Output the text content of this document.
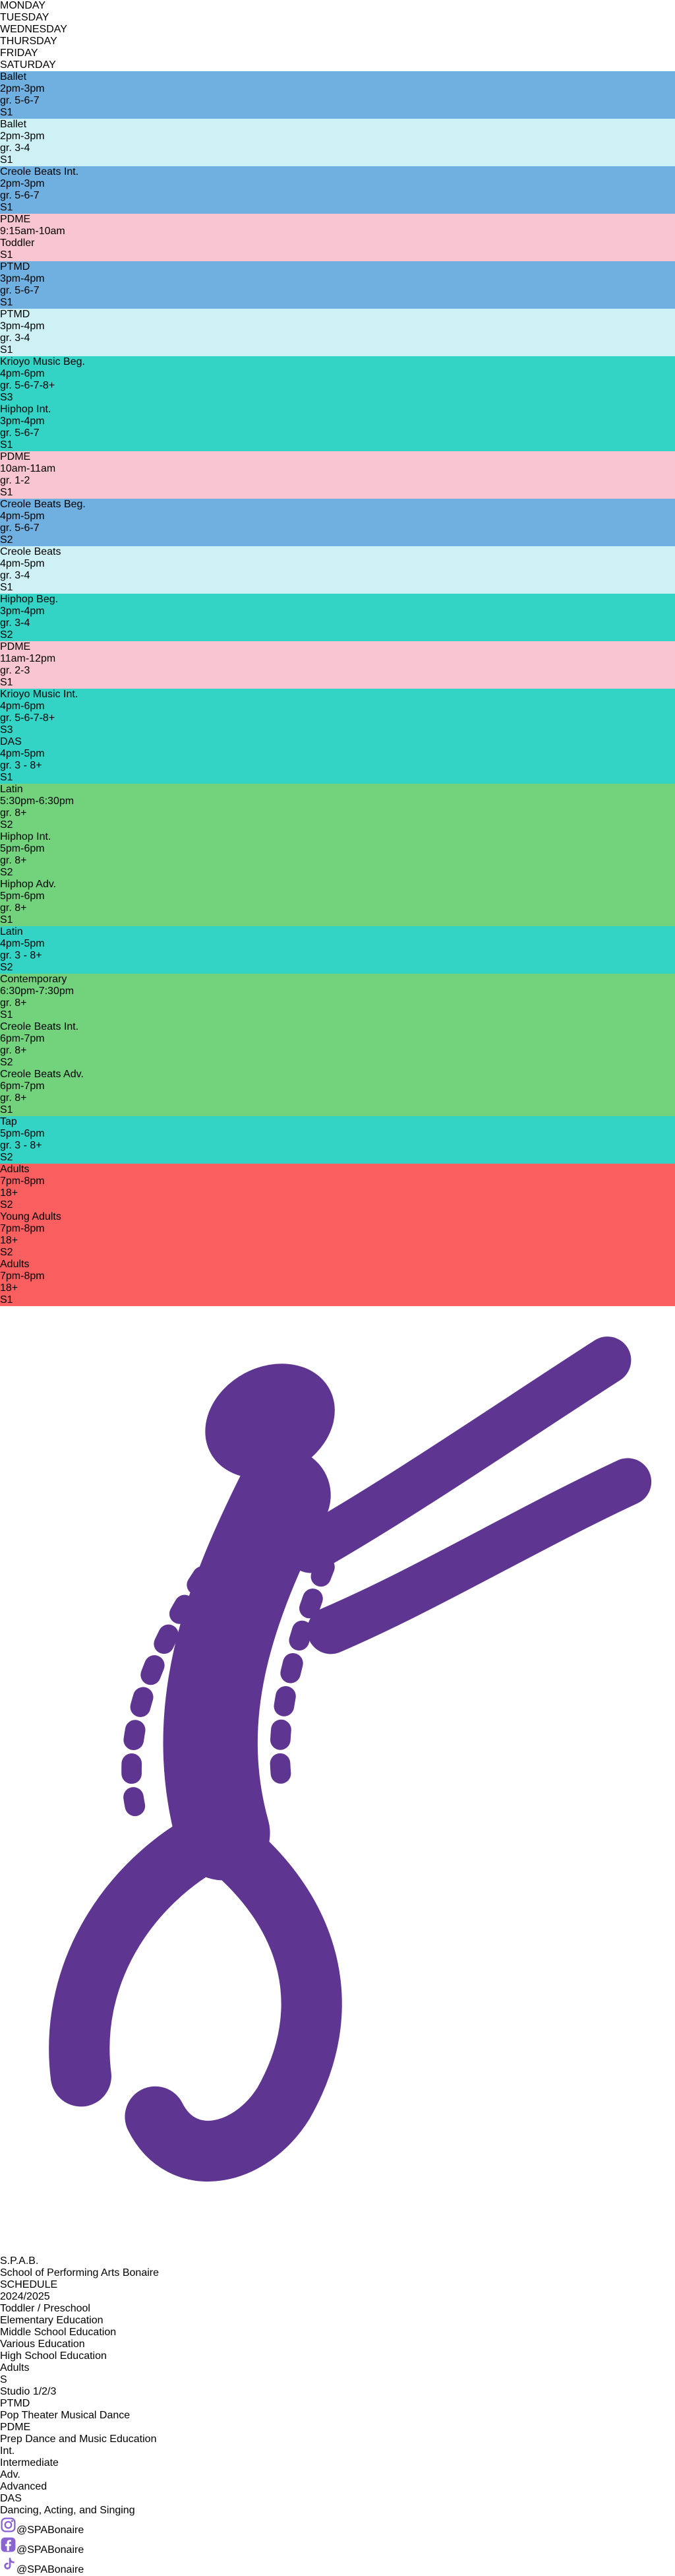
MONDAY
TUESDAY
WEDNESDAY
THURSDAY
FRIDAY
SATURDAY
Ballet
2pm-3pm
gr. 5-6-7
S1
Ballet
2pm-3pm
gr. 3-4
S1
Creole Beats Int.
2pm-3pm
gr. 5-6-7
S1
PDME
9:15am-10am
Toddler
S1
PTMD
3pm-4pm
gr. 5-6-7
S1
PTMD
3pm-4pm
gr. 3-4
S1
Krioyo Music Beg.
4pm-6pm
gr. 5-6-7-8+
S3
Hiphop Int.
3pm-4pm
gr. 5-6-7
S1
PDME
10am-11am
gr. 1-2
S1
Creole Beats Beg.
4pm-5pm
gr. 5-6-7
S2
Creole Beats
4pm-5pm
gr. 3-4
S1
Hiphop Beg.
3pm-4pm
gr. 3-4
S2
PDME
11am-12pm
gr. 2-3
S1
Krioyo Music Int.
4pm-6pm
gr. 5-6-7-8+
S3
DAS
4pm-5pm
gr. 3 - 8+
S1
Latin
5:30pm-6:30pm
gr. 8+
S2
Hiphop Int.
5pm-6pm
gr. 8+
S2
Hiphop Adv.
5pm-6pm
gr. 8+
S1
Latin
4pm-5pm
gr. 3 - 8+
S2
Contemporary
6:30pm-7:30pm
gr. 8+
S1
Creole Beats Int.
6pm-7pm
gr. 8+
S2
Creole Beats Adv.
6pm-7pm
gr. 8+
S1
Tap
5pm-6pm
gr. 3 - 8+
S2
Adults
7pm-8pm
18+
S2
Young Adults
7pm-8pm
18+
S2
Adults
7pm-8pm
18+
S1
S.P.A.B.
School of Performing Arts Bonaire
SCHEDULE
2024/2025
Toddler / Preschool
Elementary Education
Middle School Education
Various Education
High School Education
Adults
S
Studio 1/2/3
PTMD
Pop Theater Musical Dance
PDME
Prep Dance and Music Education
Int.
Intermediate
Adv.
Advanced
DAS
Dancing, Acting, and Singing
@SPABonaire
@SPABonaire
@SPABonaire
